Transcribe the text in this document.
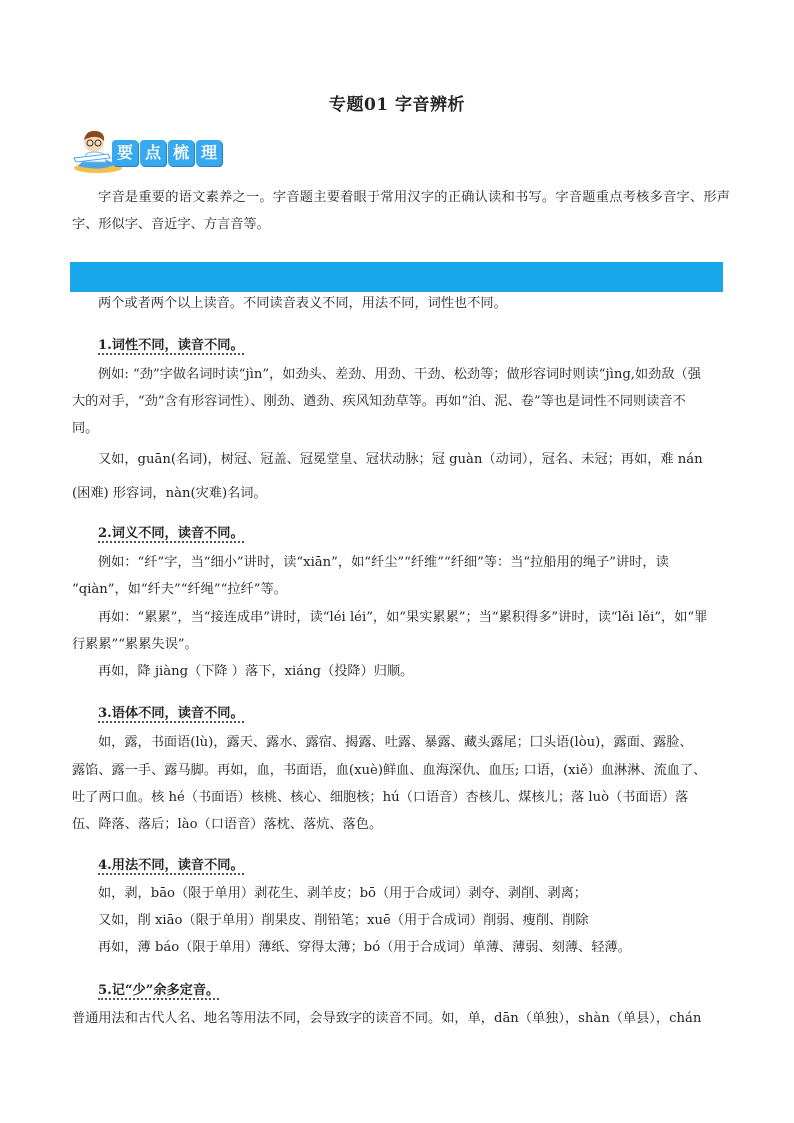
专题01 字音辨析
要 点 梳 理
字音是重要的语文素养之一。字音题主要着眼于常用汉字的正确认读和书写。字音题重点考核多音字、形声字、形似字、音近字、方言音等。
两个或者两个以上读音。不同读音表义不同，用法不同，词性也不同。
1.词性不同，读音不同。
例如: “劲”字做名词时读“jìn”，如劲头、差劲、用劲、干劲、松劲等；做形容词时则读“jìng,如劲敌（强
大的对手，“劲”含有形容词性）、刚劲、遒劲、疾风知劲草等。再如“泊、泥、卷”等也是词性不同则读音不
同。
又如，guān(名词)，树冠、冠盖、冠冕堂皇、冠状动脉；冠 guàn（动词），冠名、未冠；再如，难 nán
(困难) 形容词，nàn(灾难)名词。
2.词义不同，读音不同。
例如：“纤”字，当“细小”讲时，读“xiān”，如“纤尘”“纤维”“纤细”等：当“拉船用的绳子”讲时，读
“qiàn”，如“纤夫”“纤绳”“拉纤”等。
再如：“累累”，当“接连成串”讲时，读“léi léi”，如“果实累累”；当“累积得多”讲时，读“lěi lěi”，如“罪
行累累”“累累失误”。
再如，降 jiàng（下降 ）落下，xiáng（投降）归顺。
3.语体不同，读音不同。
如，露，书面语(lù)，露天、露水、露宿、揭露、吐露、暴露、藏头露尾；囗头语(lòu)，露面、露脸、
露馅、露一手、露马脚。再如，血，书面语，血(xuè)鲜血、血海深仇、血压; 口语，(xiě）血淋淋、流血了、
吐了两口血。核 hé（书面语）核桃、核心、细胞核；hú（口语音）杏核儿、煤核儿；落 luò（书面语）落
伍、降落、落后；lào（口语音）落枕、落炕、落色。
4.用法不同，读音不同。
如，剥，bāo（限于单用）剥花生、剥羊皮；bō（用于合成词）剥夺、剥削、剥离；
又如，削 xiāo（限于单用）削果皮、削铅笔；xuē（用于合成词）削弱、瘦削、削除
再如，薄 báo（限于单用）薄纸、穿得太薄；bó（用于合成词）单薄、薄弱、刻薄、轻薄。
5.记“少”余多定音。
普通用法和古代人名、地名等用法不同，会导致字的读音不同。如，单，dān（单独），shàn（单县），chán
